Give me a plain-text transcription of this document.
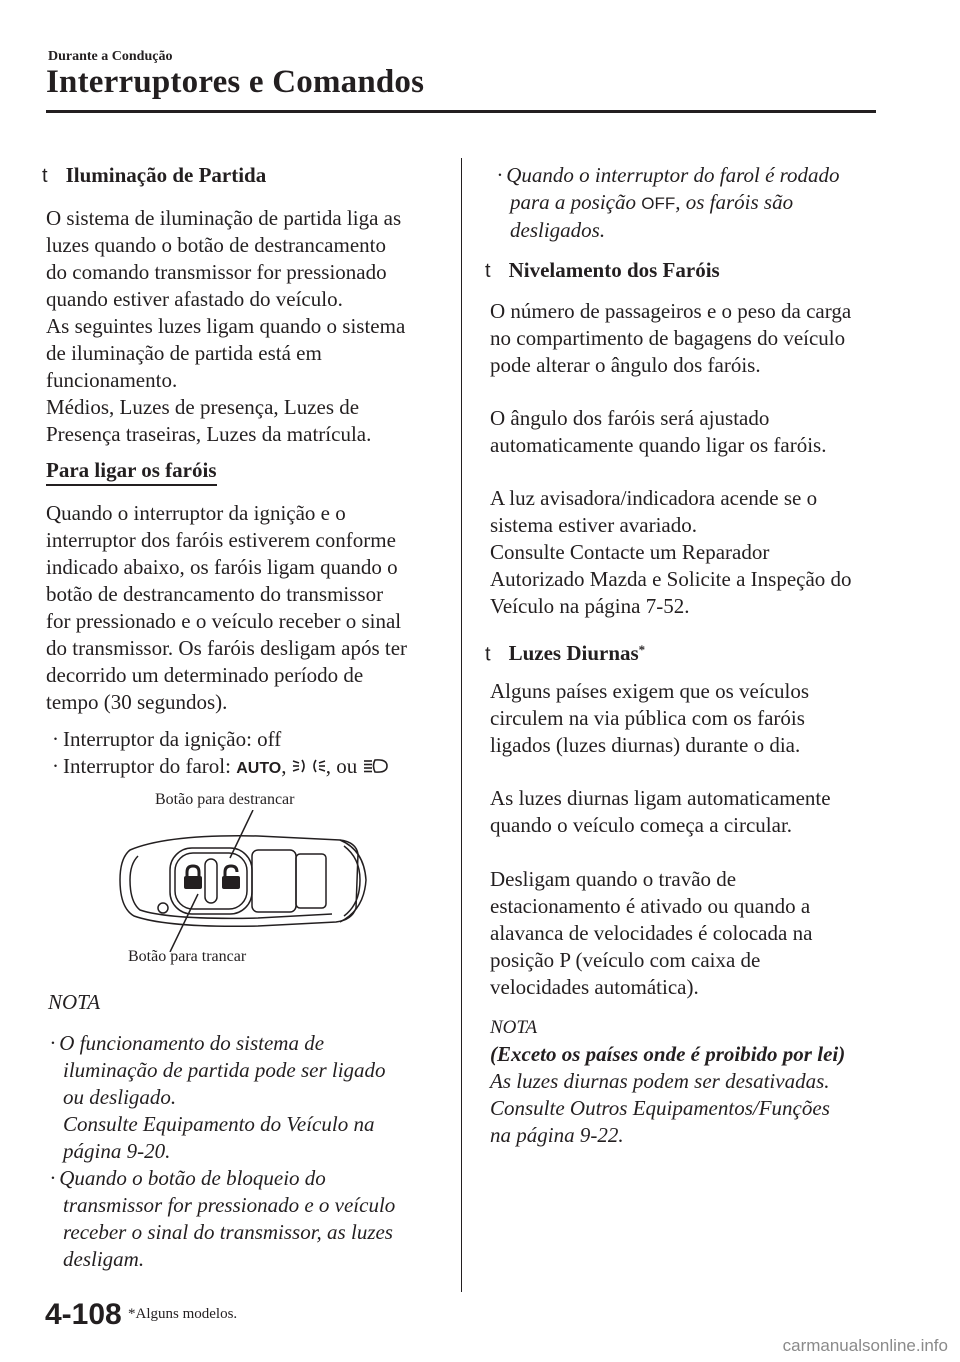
Durante a Condução
Interruptores e Comandos
t Iluminação de Partida

O sistema de iluminação de partida liga as

luzes quando o botão de destrancamento

do comando transmissor for pressionado

quando estiver afastado do veículo.

As seguintes luzes ligam quando o sistema

de iluminação de partida está em

funcionamento.

Médios, Luzes de presença, Luzes de

Presença traseiras, Luzes da matrícula.

Para ligar os faróis

Quando o interruptor da ignição e o

interruptor dos faróis estiverem conforme

indicado abaixo, os faróis ligam quando o

botão de destrancamento do transmissor

for pressionado e o veículo receber o sinal

do transmissor. Os faróis desligam após ter

decorrido um determinado período de

tempo (30 segundos).

· Interruptor da ignição: off

· Interruptor do farol: AUTO, , ou

Botão para destrancar
Botão para trancar
NOTA

· O funcionamento do sistema de

iluminação de partida pode ser ligado

ou desligado.

Consulte Equipamento do Veículo na

página 9-20.

· Quando o botão de bloqueio do

transmissor for pressionado e o veículo

receber o sinal do transmissor, as luzes

desligam.

· Quando o interruptor do farol é rodado

para a posição OFF, os faróis são

desligados.

t Nivelamento dos Faróis

O número de passageiros e o peso da carga

no compartimento de bagagens do veículo

pode alterar o ângulo dos faróis.

O ângulo dos faróis será ajustado

automaticamente quando ligar os faróis.

A luz avisadora/indicadora acende se o

sistema estiver avariado.

Consulte Contacte um Reparador

Autorizado Mazda e Solicite a Inspeção do

Veículo na página 7-52.

t Luzes Diurnas*

Alguns países exigem que os veículos

circulem na via pública com os faróis

ligados (luzes diurnas) durante o dia.

As luzes diurnas ligam automaticamente

quando o veículo começa a circular.

Desligam quando o travão de

estacionamento é ativado ou quando a

alavanca de velocidades é colocada na

posição P (veículo com caixa de

velocidades automática).

NOTA

(Exceto os países onde é proibido por lei)

As luzes diurnas podem ser desativadas.

Consulte Outros Equipamentos/Funções

na página 9-22.

4-108 *Alguns modelos.
carmanualsonline.info
